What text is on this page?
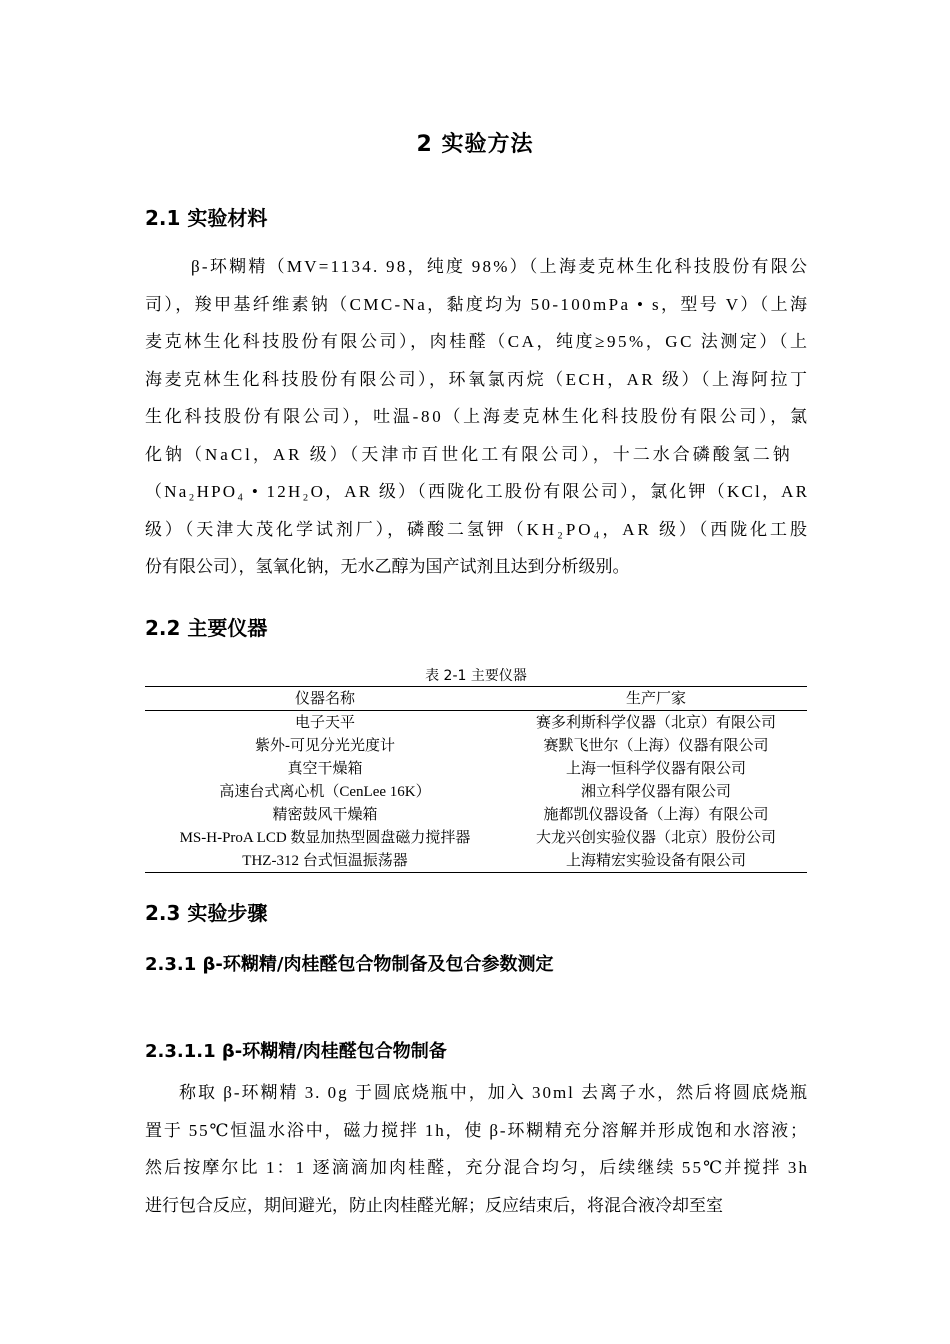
2 实验方法
2.1 实验材料
β-环糊精（MV=1134. 98，纯度 98%）（上海麦克林生化科技股份有限公
司），羧甲基纤维素钠（CMC-Na，黏度均为 50-100mPa • s，型号 V）（上海
麦克林生化科技股份有限公司），肉桂醛（CA，纯度≥95%，GC 法测定）（上
海麦克林生化科技股份有限公司），环氧氯丙烷（ECH，AR 级）（上海阿拉丁
生化科技股份有限公司），吐温-80（上海麦克林生化科技股份有限公司），氯
化钠（NaCl，AR 级）（天津市百世化工有限公司），十二水合磷酸氢二钠
（Na₂HPO₄ • 12H₂O，AR 级）（西陇化工股份有限公司），氯化钾（KCl，AR
级）（天津大茂化学试剂厂），磷酸二氢钾（KH₂PO₄，AR 级）（西陇化工股
份有限公司），氢氧化钠，无水乙醇为国产试剂且达到分析级别。
2.2 主要仪器
表 2-1 主要仪器
仪器名称	生产厂家
电子天平	赛多利斯科学仪器（北京）有限公司
紫外-可见分光光度计	赛默飞世尔（上海）仪器有限公司
真空干燥箱	上海一恒科学仪器有限公司
高速台式离心机（CenLee 16K）	湘立科学仪器有限公司
精密鼓风干燥箱	施都凯仪器设备（上海）有限公司
MS-H-ProA LCD 数显加热型圆盘磁力搅拌器	大龙兴创实验仪器（北京）股份公司
THZ-312 台式恒温振荡器	上海精宏实验设备有限公司
2.3 实验步骤
2.3.1 β-环糊精/肉桂醛包合物制备及包合参数测定
2.3.1.1 β-环糊精/肉桂醛包合物制备
称取 β-环糊精 3. 0g 于圆底烧瓶中，加入 30ml 去离子水，然后将圆底烧瓶
置于 55℃恒温水浴中，磁力搅拌 1h，使 β-环糊精充分溶解并形成饱和水溶液；
然后按摩尔比 1：1 逐滴滴加肉桂醛，充分混合均匀，后续继续 55℃并搅拌 3h
进行包合反应，期间避光，防止肉桂醛光解；反应结束后，将混合液冷却至室
